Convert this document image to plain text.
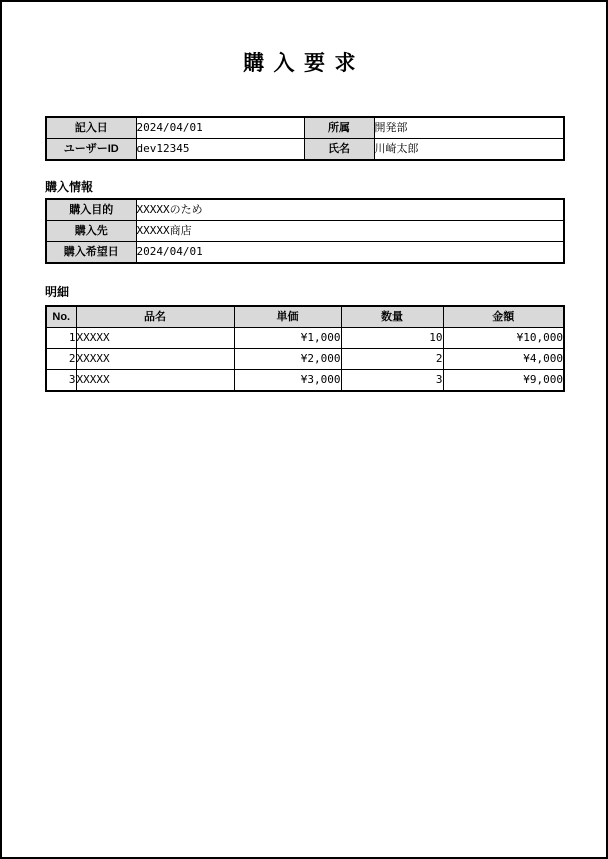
購入要求
記入日	2024/04/01	所属	開発部
ユーザーID	dev12345	氏名	川崎太郎
購入情報
購入目的	XXXXXのため
購入先	XXXXX商店
購入希望日	2024/04/01
明細
No.	品名	単価	数量	金額
1	XXXXX	¥1,000	10	¥10,000
2	XXXXX	¥2,000	2	¥4,000
3	XXXXX	¥3,000	3	¥9,000
